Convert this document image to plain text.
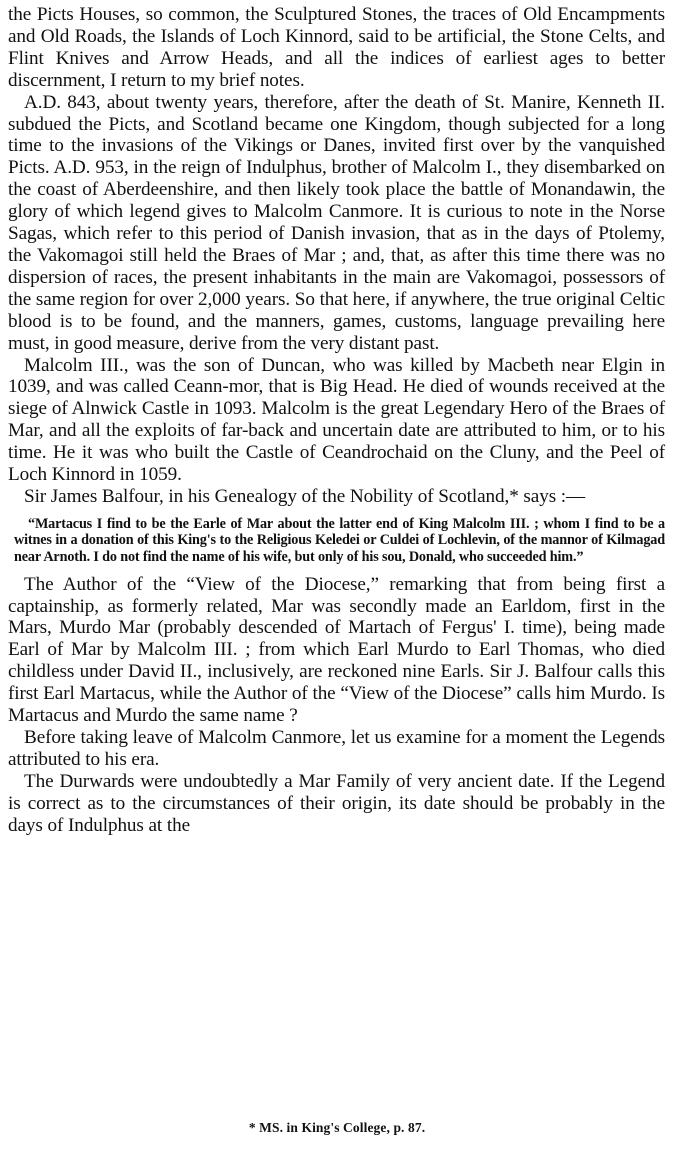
the Picts Houses, so common, the Sculptured Stones, the traces of Old Encampments and Old Roads, the Islands of Loch Kinnord, said to be artificial, the Stone Celts, and Flint Knives and Arrow Heads, and all the indices of earliest ages to better discernment, I return to my brief notes.

A.D. 843, about twenty years, therefore, after the death of St. Manire, Kenneth II. subdued the Picts, and Scotland became one Kingdom, though subjected for a long time to the invasions of the Vikings or Danes, invited first over by the vanquished Picts. A.D. 953, in the reign of Indulphus, brother of Malcolm I., they disembarked on the coast of Aberdeenshire, and then likely took place the battle of Monandawin, the glory of which legend gives to Malcolm Canmore. It is curious to note in the Norse Sagas, which refer to this period of Danish invasion, that as in the days of Ptolemy, the Vakomagoi still held the Braes of Mar ; and, that, as after this time there was no dispersion of races, the present inhabitants in the main are Vakomagoi, possessors of the same region for over 2,000 years. So that here, if anywhere, the true original Celtic blood is to be found, and the manners, games, customs, language prevailing here must, in good measure, derive from the very distant past.

Malcolm III., was the son of Duncan, who was killed by Macbeth near Elgin in 1039, and was called Ceann-mor, that is Big Head. He died of wounds received at the siege of Alnwick Castle in 1093. Malcolm is the great Legendary Hero of the Braes of Mar, and all the exploits of far-back and uncertain date are attributed to him, or to his time. He it was who built the Castle of Ceandrochaid on the Cluny, and the Peel of Loch Kinnord in 1059.

Sir James Balfour, in his Genealogy of the Nobility of Scotland,* says :—

“Martacus I find to be the Earle of Mar about the latter end of King Malcolm III. ; whom I find to be a witnes in a donation of this King's to the Religious Keledei or Culdei of Lochlevin, of the mannor of Kilmagad near Arnoth. I do not find the name of his wife, but only of his sou, Donald, who succeeded him.”

The Author of the “View of the Diocese,” remarking that from being first a captainship, as formerly related, Mar was secondly made an Earldom, first in the Mars, Murdo Mar (probably descended of Martach of Fergus' I. time), being made Earl of Mar by Malcolm III. ; from which Earl Murdo to Earl Thomas, who died childless under David II., inclusively, are reckoned nine Earls. Sir J. Balfour calls this first Earl Martacus, while the Author of the “View of the Diocese” calls him Murdo. Is Martacus and Murdo the same name ?

Before taking leave of Malcolm Canmore, let us examine for a moment the Legends attributed to his era.

The Durwards were undoubtedly a Mar Family of very ancient date. If the Legend is correct as to the circumstances of their origin, its date should be probably in the days of Indulphus at the

* MS. in King's College, p. 87.
